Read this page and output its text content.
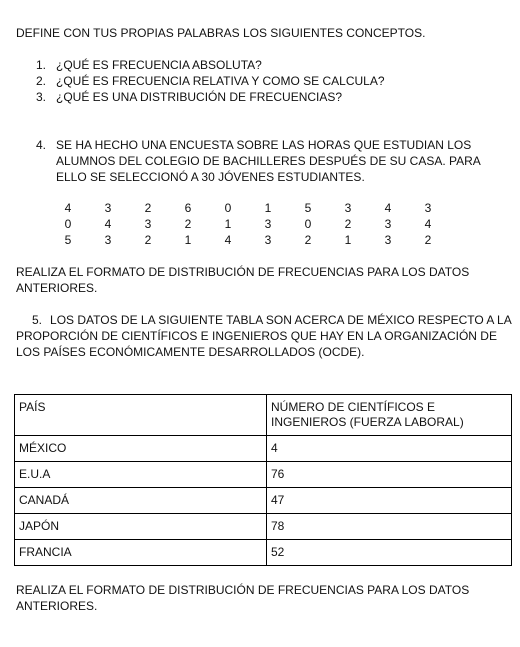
DEFINE CON TUS PROPIAS PALABRAS LOS SIGUIENTES CONCEPTOS.

1. ¿QUÉ ES FRECUENCIA ABSOLUTA?
2. ¿QUÉ ES FRECUENCIA RELATIVA Y COMO SE CALCULA?
3. ¿QUÉ ES UNA DISTRIBUCIÓN DE FRECUENCIAS?
4. SE HA HECHO UNA ENCUESTA SOBRE LAS HORAS QUE ESTUDIAN LOS ALUMNOS DEL COLEGIO DE BACHILLERES DESPUÉS DE SU CASA. PARA ELLO SE SELECCIONÓ A 30 JÓVENES ESTUDIANTES.
4	3	2	6	0	1	5	3	4	3
0	4	3	2	1	3	0	2	3	4
5	3	2	1	4	3	2	1	3	2

REALIZA EL FORMATO DE DISTRIBUCIÓN DE FRECUENCIAS PARA LOS DATOS ANTERIORES.

5. LOS DATOS DE LA SIGUIENTE TABLA SON ACERCA DE MÉXICO RESPECTO A LA PROPORCIÓN DE CIENTÍFICOS E INGENIEROS QUE HAY EN LA ORGANIZACIÓN DE LOS PAÍSES ECONÓMICAMENTE DESARROLLADOS (OCDE).

PAÍS	NÚMERO DE CIENTÍFICOS E INGENIEROS (FUERZA LABORAL)
MÉXICO	4
E.U.A	76
CANADÁ	47
JAPÓN	78
FRANCIA	52

REALIZA EL FORMATO DE DISTRIBUCIÓN DE FRECUENCIAS PARA LOS DATOS ANTERIORES.
